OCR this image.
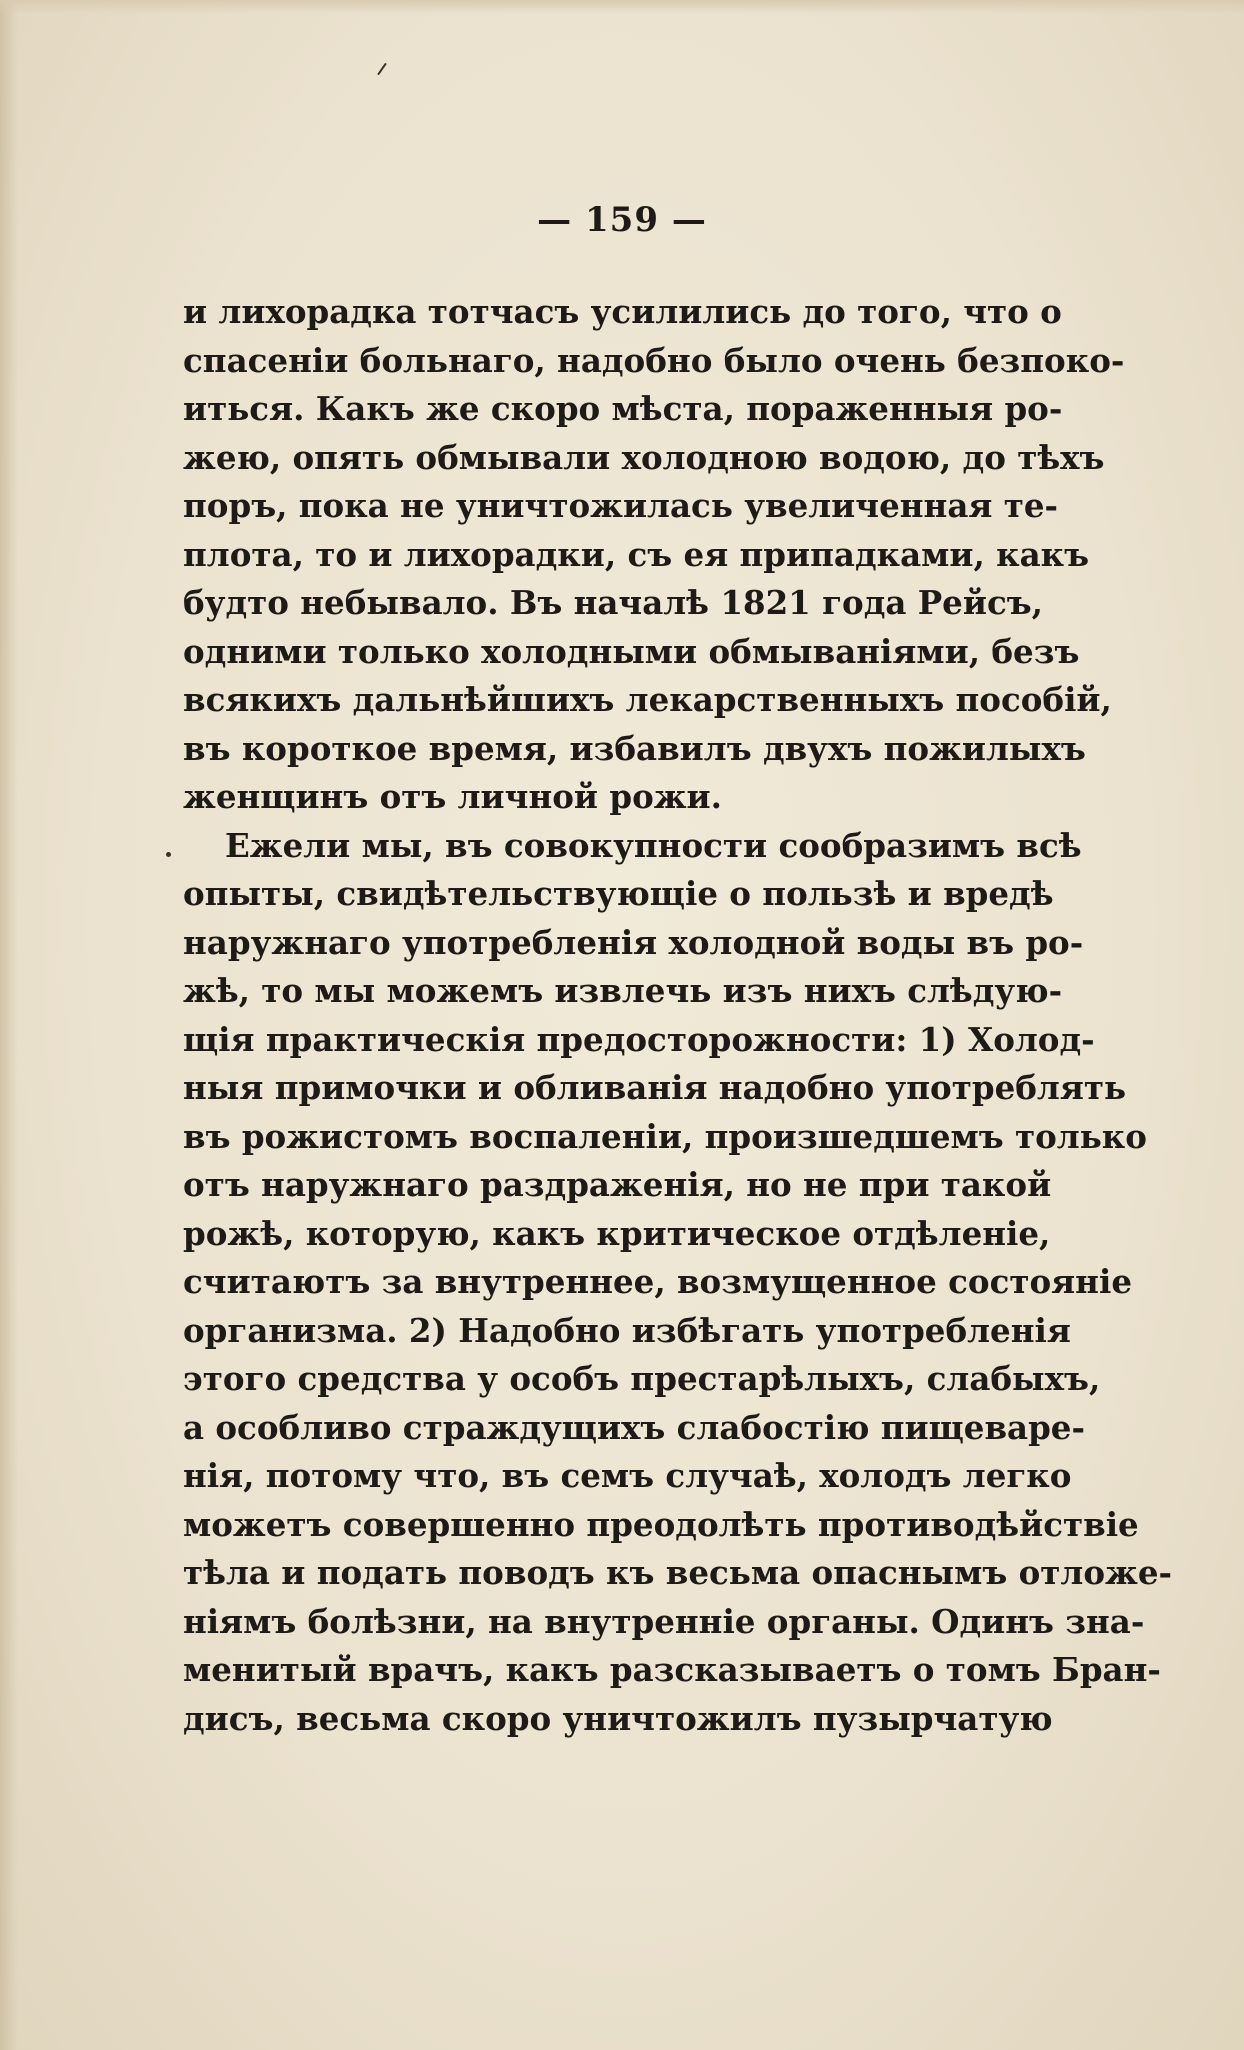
— 159 —
и лихорадка тотчасъ усилились до того, что о
спасеніи больнаго, надобно было очень безпоко-
иться. Какъ же скоро мѣста, пораженныя ро-
жею, опять обмывали холодною водою, до тѣхъ
поръ, пока не уничтожилась увеличенная те-
плота, то и лихорадки, съ ея припадками, какъ
будто небывало. Въ началѣ 1821 года Рейсъ,
одними только холодными обмываніями, безъ
всякихъ дальнѣйшихъ лекарственныхъ пособій,
въ короткое время, избавилъ двухъ пожилыхъ
женщинъ отъ личной рожи.
Ежели мы, въ совокупности сообразимъ всѣ
опыты, свидѣтельствующіе о пользѣ и вредѣ
наружнаго употребленія холодной воды въ ро-
жѣ, то мы можемъ извлечь изъ нихъ слѣдую-
щія практическія предосторожности: 1) Холод-
ныя примочки и обливанія надобно употреблять
въ рожистомъ воспаленіи, произшедшемъ только
отъ наружнаго раздраженія, но не при такой
рожѣ, которую, какъ критическое отдѣленіе,
считаютъ за внутреннее, возмущенное состояніе
организма. 2) Надобно избѣгать употребленія
этого средства у особъ престарѣлыхъ, слабыхъ,
а особливо страждущихъ слабостію пищеваре-
нія, потому что, въ семъ случаѣ, холодъ легко
можетъ совершенно преодолѣть противодѣйствіе
тѣла и подать поводъ къ весьма опаснымъ отложе-
ніямъ болѣзни, на внутренніе органы. Одинъ зна-
менитый врачъ, какъ разсказываетъ о томъ Бран-
дисъ, весьма скоро уничтожилъ пузырчатую
